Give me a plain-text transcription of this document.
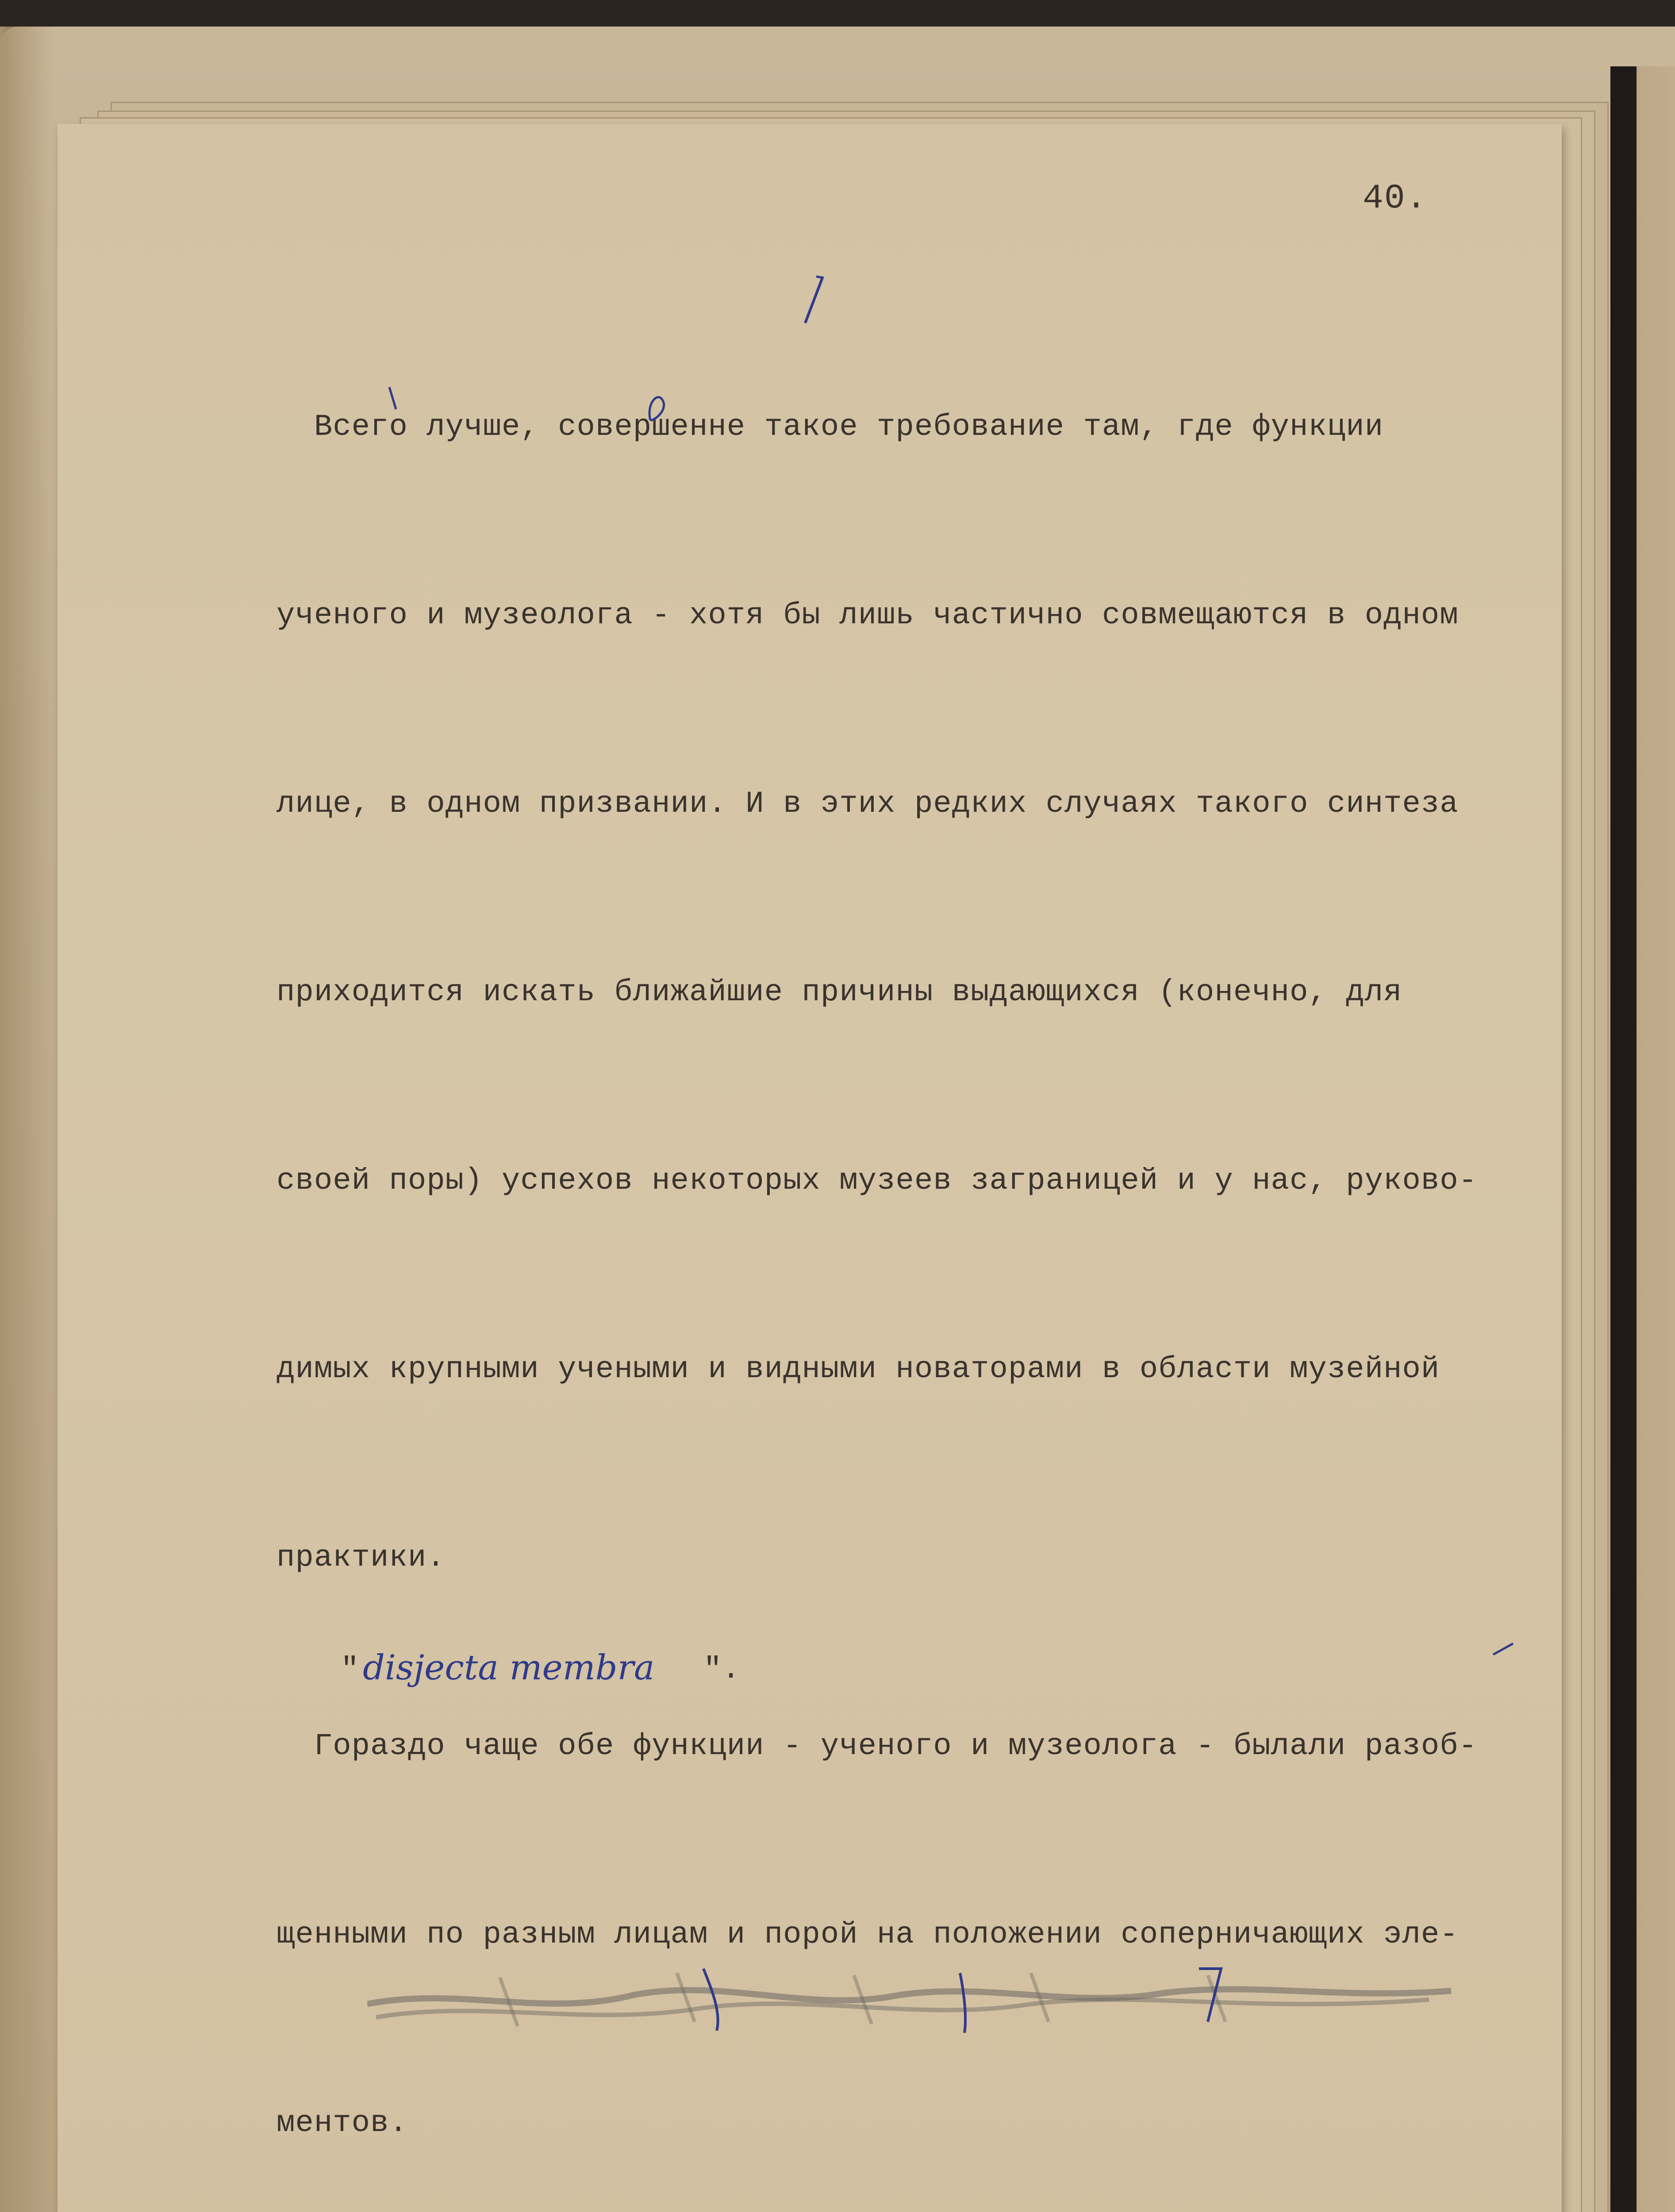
40.

Всего лучше, совершенне такое требование там, где функции

ученого и музеолога - хотя бы лишь частично совмещаются в одном

лице, в одном призвании. И в этих редких случаях такого синтеза

приходится искать ближайшие причины выдающихся (конечно, для

своей поры) успехов некоторых музеев заграницей и у нас, руково-

димых крупными учеными и видными новаторами в области музейной

практики.

Гораздо чаще обе функции - ученого и музеолога - былали разоб-

щенными по разным лицам и порой на положении соперничающих эле-

ментов.

" disjecta membra ".
